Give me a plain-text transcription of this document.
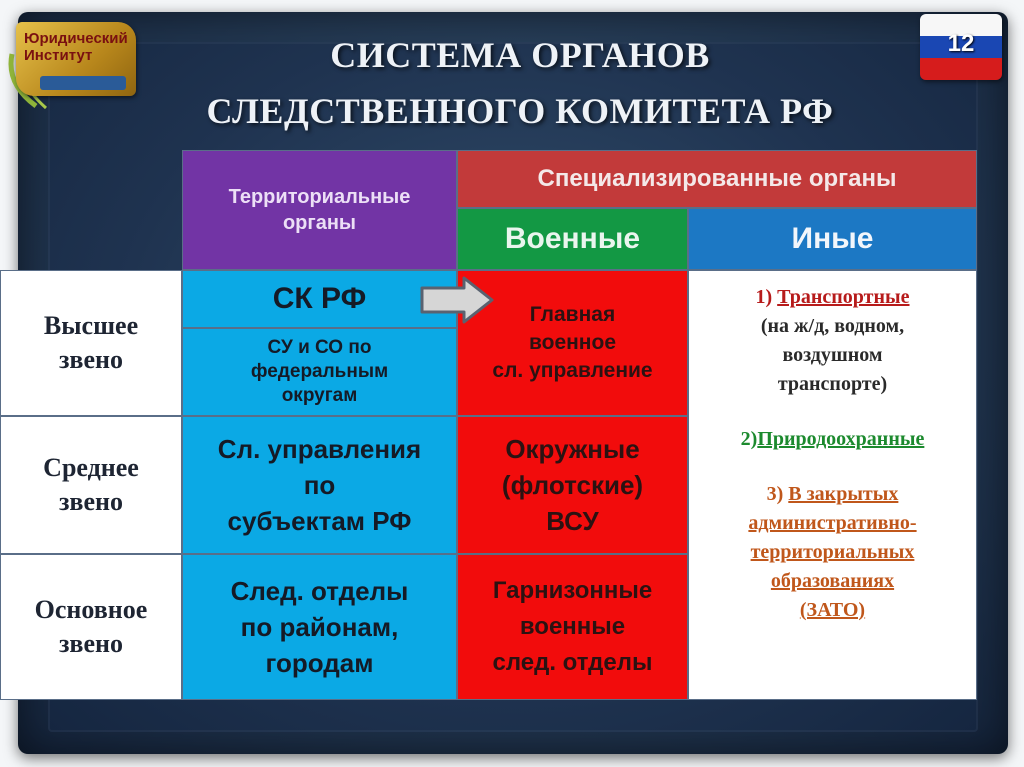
Юридический
Институт	СИСТЕМА ОРГАНОВ
СЛЕДСТВЕННОГО КОМИТЕТА РФ
12
Территориальные
органы
Специализированные органы
Военные	Иные
Высшее
звено
Среднее
звено
Основное
звено
СК РФ
СУ и СО по
федеральным
округам
Сл. управления
по
субъектам РФ
След. отделы
по районам,
городам
Главная
военное
сл. управление
Окружные
(флотские)
ВСУ
Гарнизонные
военные
след. отделы
1) Транспортные
(на ж/д, водном,
воздушном
транспорте)
2)Природоохранные
3) В закрытых
административно-
территориальных
образованиях
(ЗАТО)
